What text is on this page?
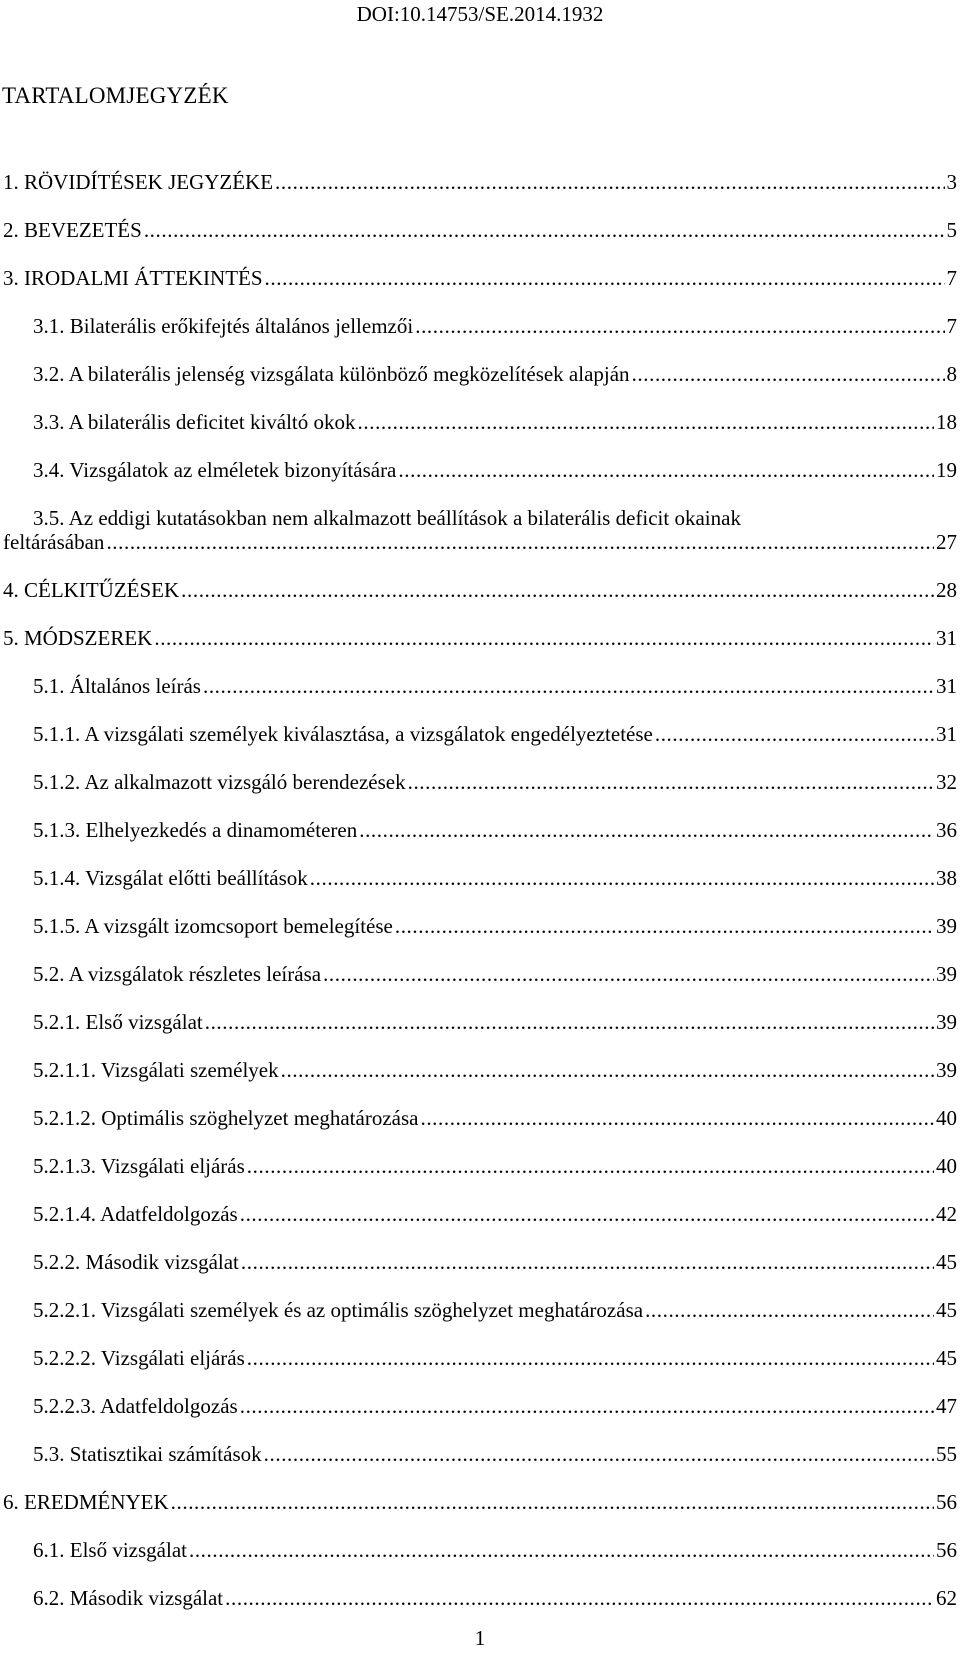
DOI:10.14753/SE.2014.1932
TARTALOMJEGYZÉK
1. RÖVIDÍTÉSEK JEGYZÉKE .....	3
2. BEVEZETÉS .....	5
3. IRODALMI ÁTTEKINTÉS .....	7
3.1. Bilaterális erőkifejtés általános jellemzői .....	7
3.2. A bilaterális jelenség vizsgálata különböző megközelítések alapján .....	8
3.3. A bilaterális deficitet kiváltó okok .....	18
3.4. Vizsgálatok az elméletek bizonyítására .....	19
3.5. Az eddigi kutatásokban nem alkalmazott beállítások a bilaterális deficit okainak
feltárásában .....	27
4. CÉLKITŰZÉSEK .....	28
5. MÓDSZEREK .....	31
5.1. Általános leírás .....	31
5.1.1. A vizsgálati személyek kiválasztása, a vizsgálatok engedélyeztetése .....	31
5.1.2. Az alkalmazott vizsgáló berendezések .....	32
5.1.3. Elhelyezkedés a dinamométeren .....	36
5.1.4. Vizsgálat előtti beállítások .....	38
5.1.5. A vizsgált izomcsoport bemelegítése .....	39
5.2. A vizsgálatok részletes leírása .....	39
5.2.1. Első vizsgálat .....	39
5.2.1.1. Vizsgálati személyek .....	39
5.2.1.2. Optimális szöghelyzet meghatározása .....	40
5.2.1.3. Vizsgálati eljárás .....	40
5.2.1.4. Adatfeldolgozás .....	42
5.2.2. Második vizsgálat .....	45
5.2.2.1. Vizsgálati személyek és az optimális szöghelyzet meghatározása .....	45
5.2.2.2. Vizsgálati eljárás .....	45
5.2.2.3. Adatfeldolgozás .....	47
5.3. Statisztikai számítások .....	55
6. EREDMÉNYEK .....	56
6.1. Első vizsgálat .....	56
6.2. Második vizsgálat .....	62
1
